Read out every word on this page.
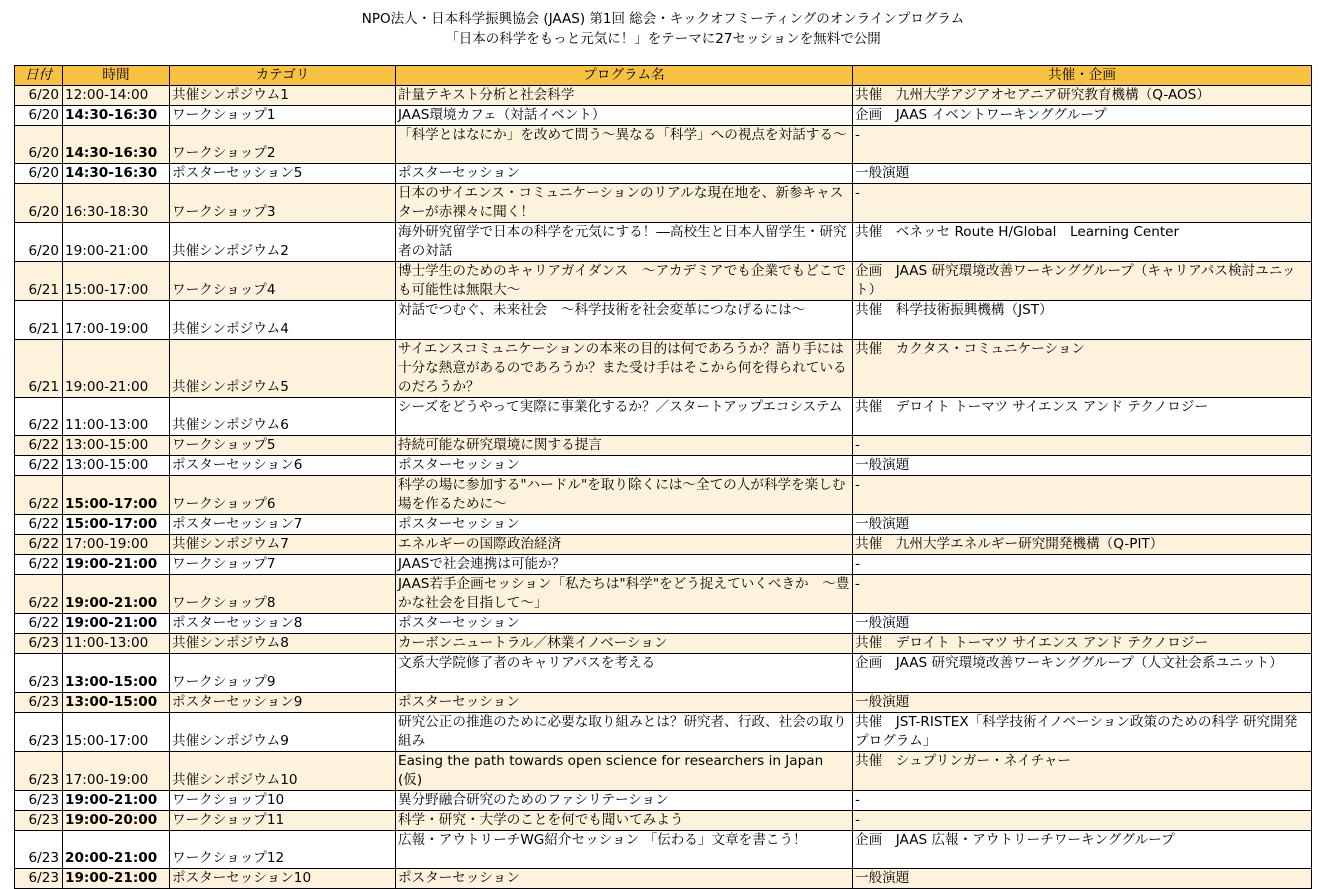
NPO法人・日本科学振興協会 (JAAS) 第1回 総会・キックオフミーティングのオンラインプログラム
「日本の科学をもっと元気に！」をテーマに27セッションを無料で公開
日付	時間	カテゴリ	プログラム名	共催・企画
6/20	12:00-14:00	共催シンポジウム1	計量テキスト分析と社会科学	共催　九州大学アジアオセアニア研究教育機構（Q-AOS）
6/20	14:30-16:30	ワークショップ1	JAAS環境カフェ（対話イベント）	企画　JAAS イベントワーキンググループ
6/20	14:30-16:30	ワークショップ2	「科学とはなにか」を改めて問う～異なる「科学」への視点を対話する～	-
6/20	14:30-16:30	ポスターセッション5	ポスターセッション	一般演題
6/20	16:30-18:30	ワークショップ3	日本のサイエンス・コミュニケーションのリアルな現在地を、新参キャスターが赤裸々に聞く！	-
6/20	19:00-21:00	共催シンポジウム2	海外研究留学で日本の科学を元気にする！―高校生と日本人留学生・研究者の対話	共催　ベネッセ Route H/Global　Learning Center
6/21	15:00-17:00	ワークショップ4	博士学生のためのキャリアガイダンス　～アカデミアでも企業でもどこでも可能性は無限大～	企画　JAAS 研究環境改善ワーキンググループ（キャリアパス検討ユニット）
6/21	17:00-19:00	共催シンポジウム4	対話でつむぐ、未来社会　～科学技術を社会変革につなげるには～	共催　科学技術振興機構（JST）
6/21	19:00-21:00	共催シンポジウム5	サイエンスコミュニケーションの本来の目的は何であろうか？語り手には十分な熱意があるのであろうか？また受け手はそこから何を得られているのだろうか？	共催　カクタス・コミュニケーション
6/22	11:00-13:00	共催シンポジウム6	シーズをどうやって実際に事業化するか？／スタートアップエコシステム	共催　デロイト トーマツ サイエンス アンド テクノロジー
6/22	13:00-15:00	ワークショップ5	持続可能な研究環境に関する提言	-
6/22	13:00-15:00	ポスターセッション6	ポスターセッション	一般演題
6/22	15:00-17:00	ワークショップ6	科学の場に参加する"ハードル"を取り除くには～全ての人が科学を楽しむ場を作るために～	-
6/22	15:00-17:00	ポスターセッション7	ポスターセッション	一般演題
6/22	17:00-19:00	共催シンポジウム7	エネルギーの国際政治経済	共催　九州大学エネルギー研究開発機構（Q-PIT）
6/22	19:00-21:00	ワークショップ7	JAASで社会連携は可能か？	-
6/22	19:00-21:00	ワークショップ8	JAAS若手企画セッション「私たちは"科学"をどう捉えていくべきか　～豊かな社会を目指して～」	-
6/22	19:00-21:00	ポスターセッション8	ポスターセッション	一般演題
6/23	11:00-13:00	共催シンポジウム8	カーボンニュートラル／林業イノベーション	共催　デロイト トーマツ サイエンス アンド テクノロジー
6/23	13:00-15:00	ワークショップ9	文系大学院修了者のキャリアパスを考える	企画　JAAS 研究環境改善ワーキンググループ（人文社会系ユニット）
6/23	13:00-15:00	ポスターセッション9	ポスターセッション	一般演題
6/23	15:00-17:00	共催シンポジウム9	研究公正の推進のために必要な取り組みとは？研究者、行政、社会の取り組み	共催　JST-RISTEX「科学技術イノベーション政策のための科学 研究開発プログラム」
6/23	17:00-19:00	共催シンポジウム10	Easing the path towards open science for researchers in Japan (仮)	共催　シュプリンガー・ネイチャー
6/23	19:00-21:00	ワークショップ10	異分野融合研究のためのファシリテーション	-
6/23	19:00-20:00	ワークショップ11	科学・研究・大学のことを何でも聞いてみよう	-
6/23	20:00-21:00	ワークショップ12	広報・アウトリーチWG紹介セッション 「伝わる」文章を書こう！	企画　JAAS 広報・アウトリーチワーキンググループ
6/23	19:00-21:00	ポスターセッション10	ポスターセッション	一般演題
